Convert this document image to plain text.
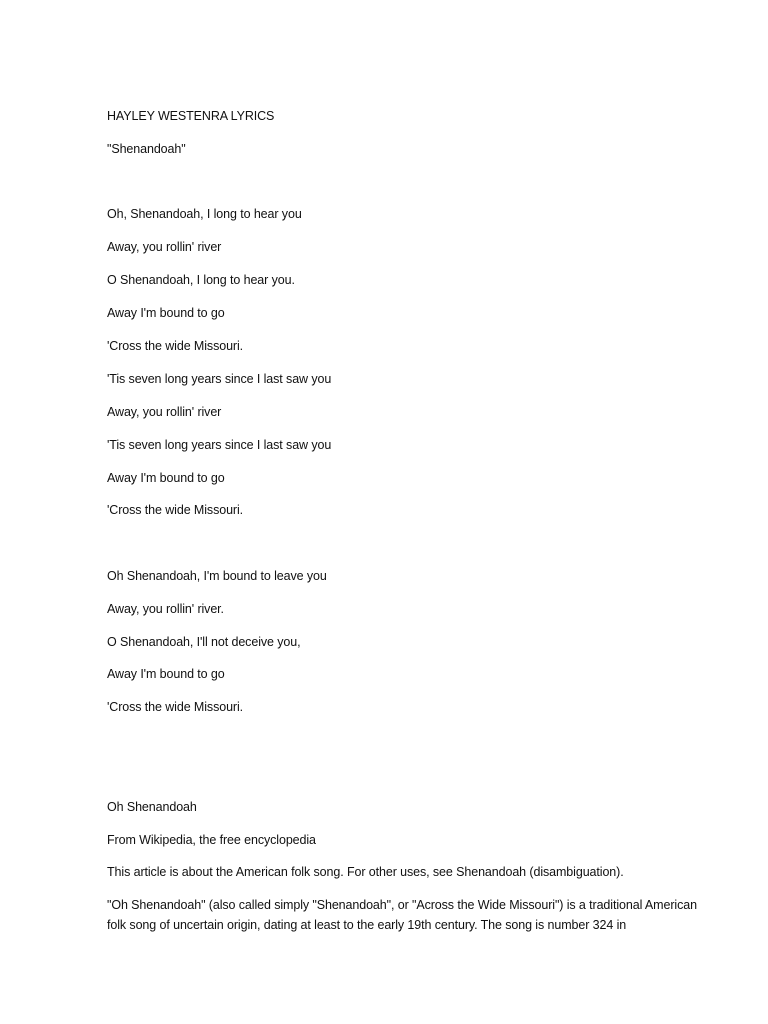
HAYLEY WESTENRA LYRICS
"Shenandoah"
Oh, Shenandoah, I long to hear you
Away, you rollin' river
O Shenandoah, I long to hear you.
Away I'm bound to go
'Cross the wide Missouri.
'Tis seven long years since I last saw you
Away, you rollin' river
'Tis seven long years since I last saw you
Away I'm bound to go
'Cross the wide Missouri.
Oh Shenandoah, I'm bound to leave you
Away, you rollin' river.
O Shenandoah, I'll not deceive you,
Away I'm bound to go
'Cross the wide Missouri.
Oh Shenandoah
From Wikipedia, the free encyclopedia
This article is about the American folk song. For other uses, see Shenandoah (disambiguation).
"Oh Shenandoah" (also called simply "Shenandoah", or "Across the Wide Missouri") is a traditional American folk song of uncertain origin, dating at least to the early 19th century. The song is number 324 in
